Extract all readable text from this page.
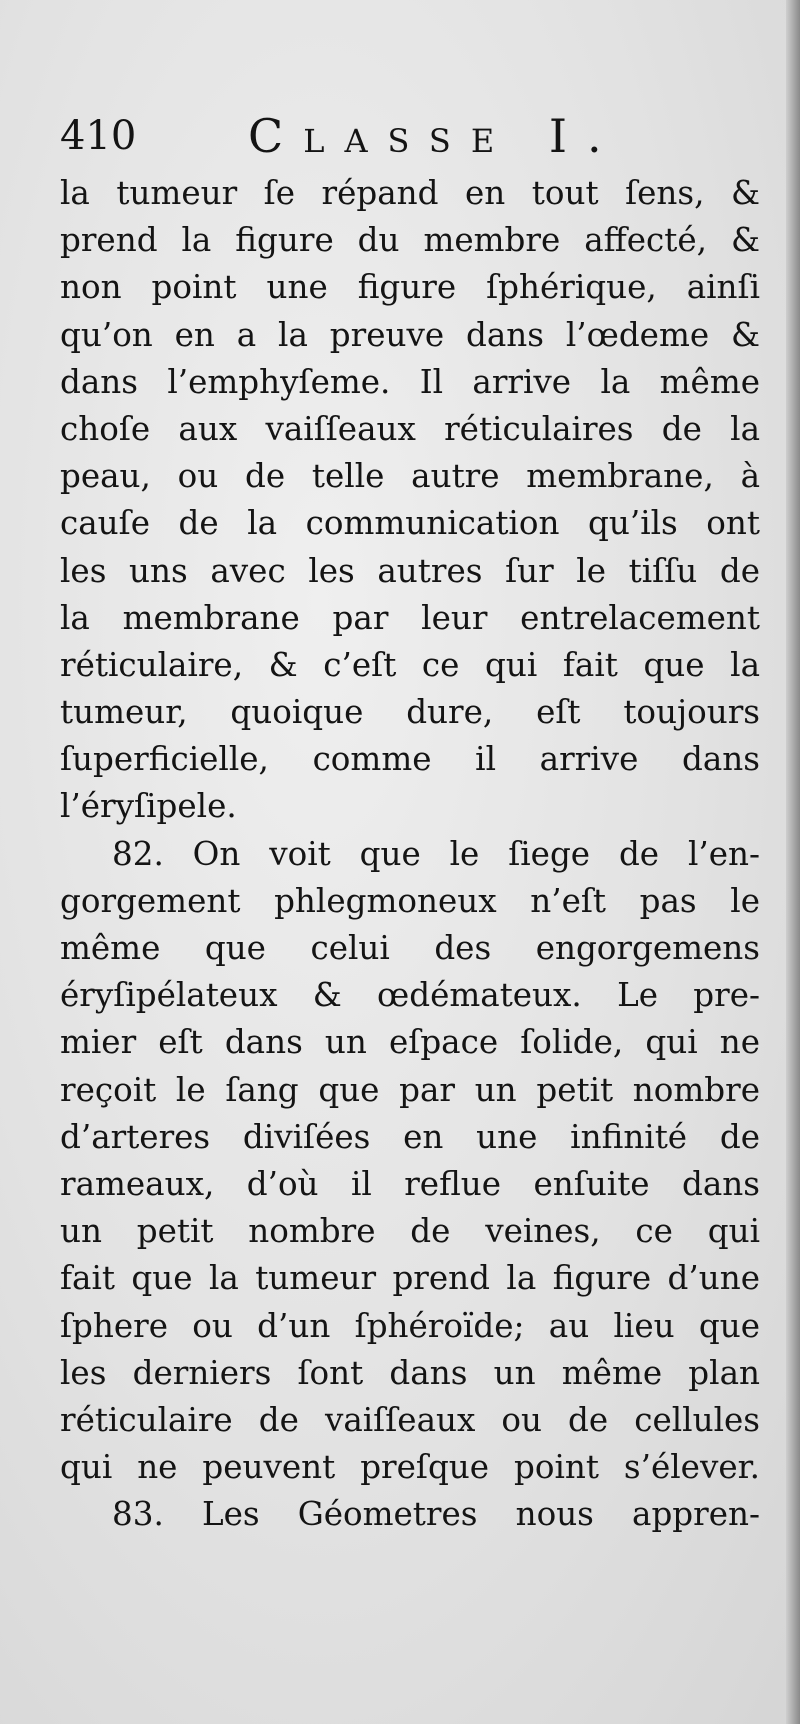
410 Classe I.
la tumeur ſe répand en tout ſens, &
prend la figure du membre affecté, &
non point une figure ſphérique, ainſi
qu’on en a la preuve dans l’œdeme &
dans l’emphyſeme. Il arrive la même
choſe aux vaiſſeaux réticulaires de la
peau, ou de telle autre membrane, à
cauſe de la communication qu’ils ont
les uns avec les autres ſur le tiſſu de
la membrane par leur entrelacement
réticulaire, & c’eſt ce qui fait que la
tumeur, quoique dure, eſt toujours
ſuperficielle, comme il arrive dans
l’éryſipele.
82. On voit que le ſiege de l’en-
gorgement phlegmoneux n’eſt pas le
même que celui des engorgemens
éryſipélateux & œdémateux. Le pre-
mier eſt dans un eſpace ſolide, qui ne
reçoit le ſang que par un petit nombre
d’arteres diviſées en une infinité de
rameaux, d’où il reflue enſuite dans
un petit nombre de veines, ce qui
fait que la tumeur prend la figure d’une
ſphere ou d’un ſphéroïde; au lieu que
les derniers ſont dans un même plan
réticulaire de vaiſſeaux ou de cellules
qui ne peuvent preſque point s’élever.
83. Les Géometres nous appren-
